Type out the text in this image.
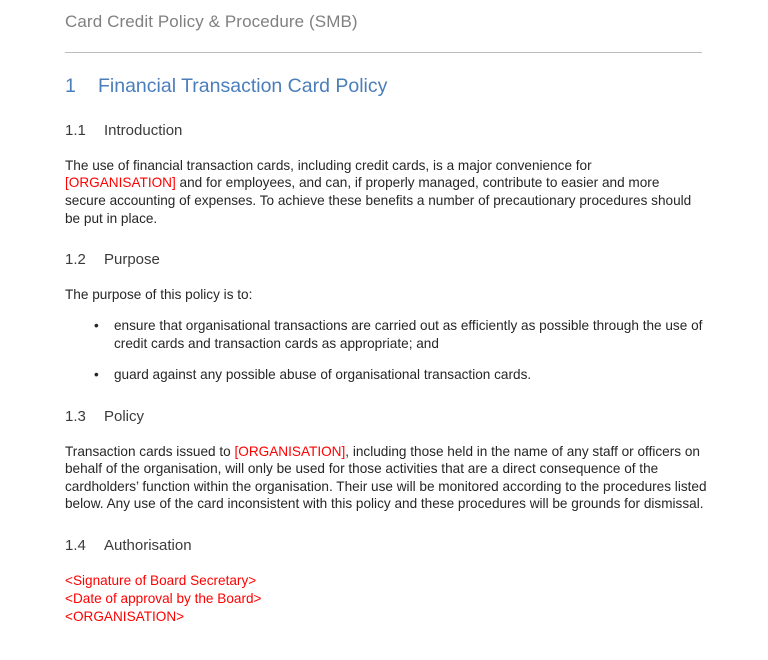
Card Credit Policy & Procedure (SMB)
1 Financial Transaction Card Policy
1.1 Introduction

The use of financial transaction cards, including credit cards, is a major convenience for [ORGANISATION] and for employees, and can, if properly managed, contribute to easier and more secure accounting of expenses. To achieve these benefits a number of precautionary procedures should be put in place.

1.2 Purpose

The purpose of this policy is to:

• ensure that organisational transactions are carried out as efficiently as possible through the use of credit cards and transaction cards as appropriate; and
• guard against any possible abuse of organisational transaction cards.
1.3 Policy

Transaction cards issued to [ORGANISATION], including those held in the name of any staff or officers on behalf of the organisation, will only be used for those activities that are a direct consequence of the cardholders’ function within the organisation. Their use will be monitored according to the procedures listed below. Any use of the card inconsistent with this policy and these procedures will be grounds for dismissal.

1.4 Authorisation
<Signature of Board Secretary>
<Date of approval by the Board>
<ORGANISATION>
